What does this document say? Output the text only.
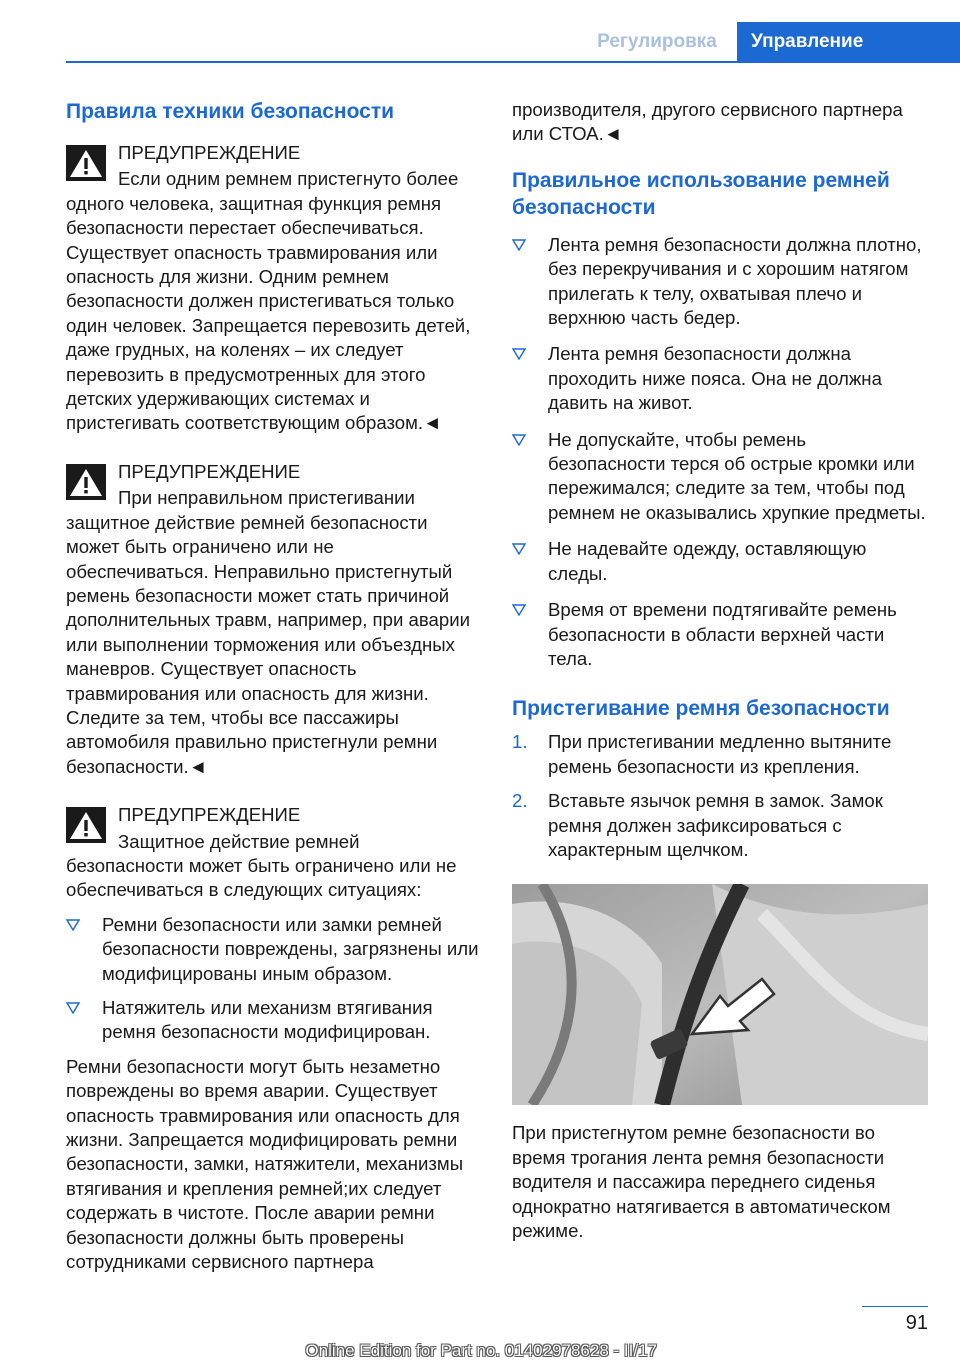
Регулировка	Управление
Правила техники безопасности

ПРЕДУПРЕЖДЕНИЕ

Если одним ремнем пристегнуто более одного человека, защитная функция ремня безопасности перестает обеспечиваться. Существует опасность травмирования или опасность для жизни. Одним ремнем безопасности должен пристегиваться только один человек. Запрещается перевозить детей, даже грудных, на коленях – их следует перевозить в предусмотренных для этого детских удерживающих системах и пристегивать соответствующим образом.◄

ПРЕДУПРЕЖДЕНИЕ

При неправильном пристегивании защитное действие ремней безопасности может быть ограничено или не обеспечиваться. Неправильно пристегнутый ремень безопасности может стать причиной дополнительных травм, например, при аварии или выполнении торможения или объездных маневров. Существует опасность травмирования или опасность для жизни. Следите за тем, чтобы все пассажиры автомобиля правильно пристегнули ремни безопасности.◄

ПРЕДУПРЕЖДЕНИЕ

Защитное действие ремней безопасности может быть ограничено или не обеспечиваться в следующих ситуациях:

Ремни безопасности или замки ремней безопасности повреждены, загрязнены или модифицированы иным образом.
Натяжитель или механизм втягивания ремня безопасности модифицирован.

Ремни безопасности могут быть незаметно повреждены во время аварии. Существует опасность травмирования или опасность для жизни. Запрещается модифицировать ремни безопасности, замки, натяжители, механизмы втягивания и крепления ремней;их следует содержать в чистоте. После аварии ремни безопасности должны быть проверены сотрудниками сервисного партнера

производителя, другого сервисного партнера или СТОА.◄

Правильное использование ремней безопасности
Лента ремня безопасности должна плотно, без перекручивания и с хорошим натягом прилегать к телу, охватывая плечо и верхнюю часть бедер.
Лента ремня безопасности должна проходить ниже пояса. Она не должна давить на живот.
Не допускайте, чтобы ремень безопасности терся об острые кромки или пережимался; следите за тем, чтобы под ремнем не оказывались хрупкие предметы.
Не надевайте одежду, оставляющую следы.
Время от времени подтягивайте ремень безопасности в области верхней части тела.
Пристегивание ремня безопасности
1. При пристегивании медленно вытяните ремень безопасности из крепления.
2. Вставьте язычок ремня в замок. Замок ремня должен зафиксироваться с характерным щелчком.

При пристегнутом ремне безопасности во время трогания лента ремня безопасности водителя и пассажира переднего сиденья однократно натягивается в автоматическом режиме.

91
Online Edition for Part no. 01402978628 - II/17
